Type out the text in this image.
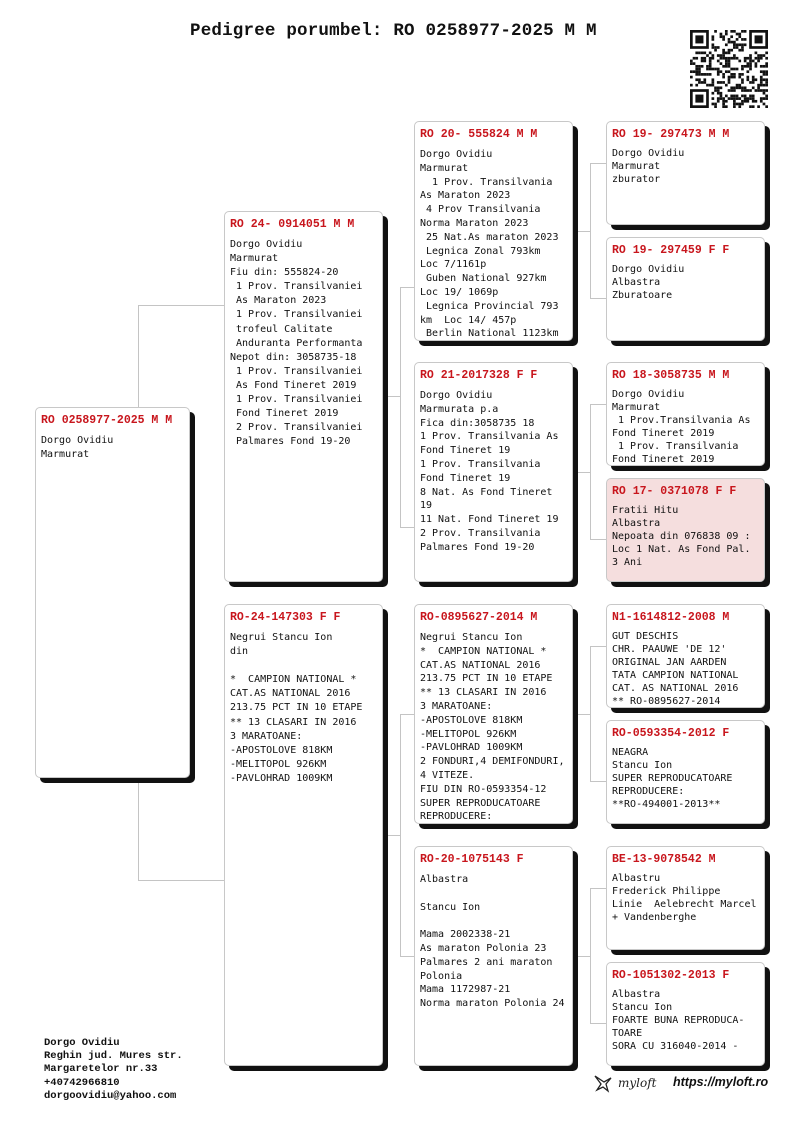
Pedigree porumbel: RO 0258977-2025 M M
RO 0258977-2025 M M
Dorgo Ovidiu
Marmurat
RO 24- 0914051 M M
Dorgo Ovidiu
Marmurat
Fiu din: 555824-20
1 Prov. Transilvaniei
As Maraton 2023
1 Prov. Transilvaniei
trofeul Calitate
Anduranta Performanta
Nepot din: 3058735-18
1 Prov. Transilvaniei
As Fond Tineret 2019
1 Prov. Transilvaniei
Fond Tineret 2019
2 Prov. Transilvaniei
Palmares Fond 19-20
RO-24-147303 F F
Negrui Stancu Ion
din

*  CAMPION NATIONAL *
CAT.AS NATIONAL 2016
213.75 PCT IN 10 ETAPE
** 13 CLASARI IN 2016
3 MARATOANE:
-APOSTOLOVE 818KM
-MELITOPOL 926KM
-PAVLOHRAD 1009KM
RO 20- 555824 M M
Dorgo Ovidiu
Marmurat
1 Prov. Transilvania
As Maraton 2023
4 Prov Transilvania
Norma Maraton 2023
25 Nat.As maraton 2023
Legnica Zonal 793km
Loc 7/1161p
Guben National 927km
Loc 19/ 1069p
Legnica Provincial 793
km  Loc 14/ 457p
Berlin National 1123km
RO 21-2017328 F F
Dorgo Ovidiu
Marmurata p.a
Fica din:3058735 18
1 Prov. Transilvania As
Fond Tineret 19
1 Prov. Transilvania
Fond Tineret 19
8 Nat. As Fond Tineret
19
11 Nat. Fond Tineret 19
2 Prov. Transilvania
Palmares Fond 19-20
RO-0895627-2014 M
Negrui Stancu Ion
*  CAMPION NATIONAL *
CAT.AS NATIONAL 2016
213.75 PCT IN 10 ETAPE
** 13 CLASARI IN 2016
3 MARATOANE:
-APOSTOLOVE 818KM
-MELITOPOL 926KM
-PAVLOHRAD 1009KM
2 FONDURI,4 DEMIFONDURI,
4 VITEZE.
FIU DIN RO-0593354-12
SUPER REPRODUCATOARE
REPRODUCERE:
RO-20-1075143 F
Albastra

Stancu Ion

Mama 2002338-21
As maraton Polonia 23
Palmares 2 ani maraton
Polonia
Mama 1172987-21
Norma maraton Polonia 24
RO 19- 297473 M M
Dorgo Ovidiu
Marmurat
zburator
RO 19- 297459 F F
Dorgo Ovidiu
Albastra
Zburatoare
RO 18-3058735 M M
Dorgo Ovidiu
Marmurat
1 Prov.Transilvania As
Fond Tineret 2019
1 Prov. Transilvania
Fond Tineret 2019
RO 17- 0371078 F F
Fratii Hitu
Albastra
Nepoata din 076838 09 :
Loc 1 Nat. As Fond Pal.
3 Ani
N1-1614812-2008 M
GUT DESCHIS
CHR. PAAUWE 'DE 12'
ORIGINAL JAN AARDEN
TATA CAMPION NATIONAL
CAT. AS NATIONAL 2016
** RO-0895627-2014
RO-0593354-2012 F
NEAGRA
Stancu Ion
SUPER REPRODUCATOARE
REPRODUCERE:
**RO-494001-2013**
BE-13-9078542 M
Albastru
Frederick Philippe
Linie  Aelebrecht Marcel
+ Vandenberghe
RO-1051302-2013 F
Albastra
Stancu Ion
FOARTE BUNA REPRODUCA-
TOARE
SORA CU 316040-2014 -
Dorgo Ovidiu
Reghin jud. Mures str.
Margaretelor nr.33
+40742966810
dorgoovidiu@yahoo.com
myloft https://myloft.ro
